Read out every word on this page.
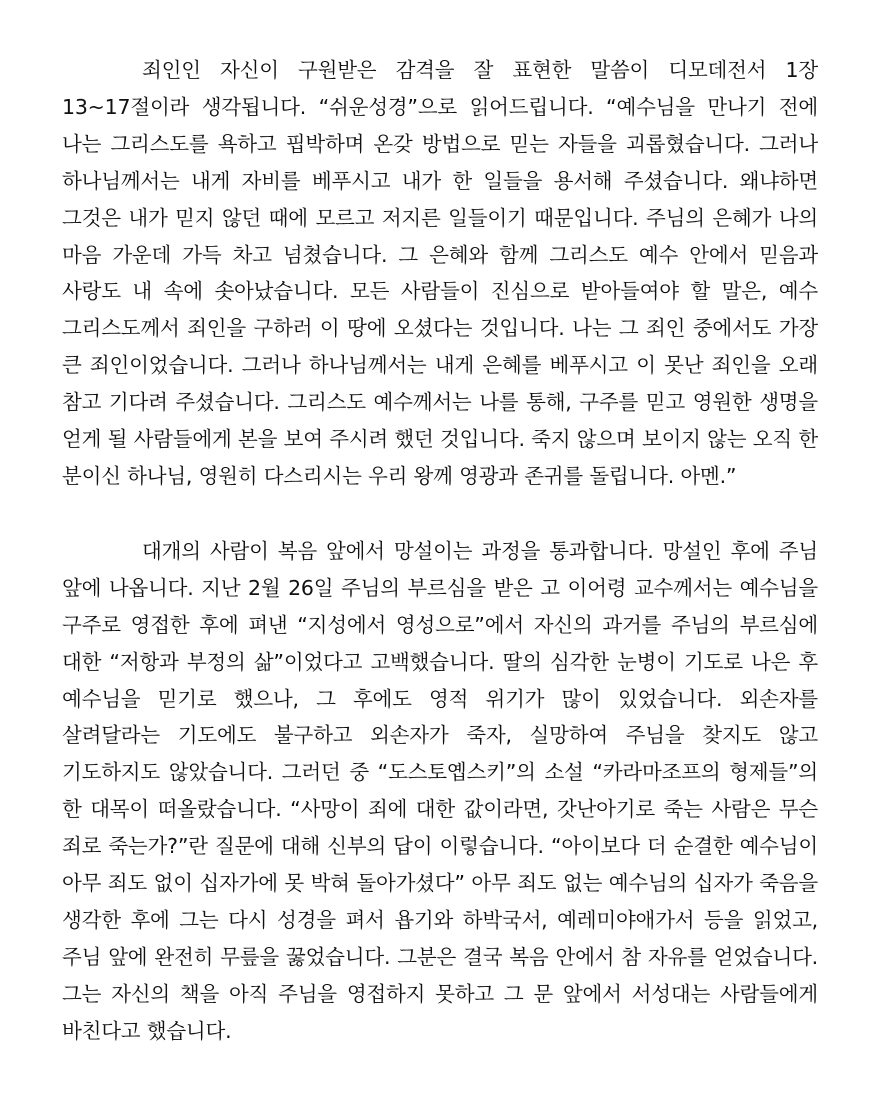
죄인인 자신이 구원받은 감격을 잘 표현한 말씀이 디모데전서 1장 13~17절이라 생각됩니다. “쉬운성경”으로 읽어드립니다. “예수님을 만나기 전에 나는 그리스도를 욕하고 핍박하며 온갖 방법으로 믿는 자들을 괴롭혔습니다. 그러나 하나님께서는 내게 자비를 베푸시고 내가 한 일들을 용서해 주셨습니다. 왜냐하면 그것은 내가 믿지 않던 때에 모르고 저지른 일들이기 때문입니다. 주님의 은혜가 나의 마음 가운데 가득 차고 넘쳤습니다. 그 은혜와 함께 그리스도 예수 안에서 믿음과 사랑도 내 속에 솟아났습니다. 모든 사람들이 진심으로 받아들여야 할 말은, 예수 그리스도께서 죄인을 구하러 이 땅에 오셨다는 것입니다. 나는 그 죄인 중에서도 가장 큰 죄인이었습니다. 그러나 하나님께서는 내게 은혜를 베푸시고 이 못난 죄인을 오래 참고 기다려 주셨습니다. 그리스도 예수께서는 나를 통해, 구주를 믿고 영원한 생명을 얻게 될 사람들에게 본을 보여 주시려 했던 것입니다. 죽지 않으며 보이지 않는 오직 한 분이신 하나님, 영원히 다스리시는 우리 왕께 영광과 존귀를 돌립니다. 아멘.”

대개의 사람이 복음 앞에서 망설이는 과정을 통과합니다. 망설인 후에 주님 앞에 나옵니다. 지난 2월 26일 주님의 부르심을 받은 고 이어령 교수께서는 예수님을 구주로 영접한 후에 펴낸 “지성에서 영성으로”에서 자신의 과거를 주님의 부르심에 대한 “저항과 부정의 삶”이었다고 고백했습니다. 딸의 심각한 눈병이 기도로 나은 후 예수님을 믿기로 했으나, 그 후에도 영적 위기가 많이 있었습니다. 외손자를 살려달라는 기도에도 불구하고 외손자가 죽자, 실망하여 주님을 찾지도 않고 기도하지도 않았습니다. 그러던 중 “도스토옙스키”의 소설 “카라마조프의 형제들”의 한 대목이 떠올랐습니다. “사망이 죄에 대한 값이라면, 갓난아기로 죽는 사람은 무슨 죄로 죽는가?”란 질문에 대해 신부의 답이 이렇습니다. “아이보다 더 순결한 예수님이 아무 죄도 없이 십자가에 못 박혀 돌아가셨다” 아무 죄도 없는 예수님의 십자가 죽음을 생각한 후에 그는 다시 성경을 펴서 욥기와 하박국서, 예레미야애가서 등을 읽었고, 주님 앞에 완전히 무릎을 꿇었습니다. 그분은 결국 복음 안에서 참 자유를 얻었습니다. 그는 자신의 책을 아직 주님을 영접하지 못하고 그 문 앞에서 서성대는 사람들에게 바친다고 했습니다.
